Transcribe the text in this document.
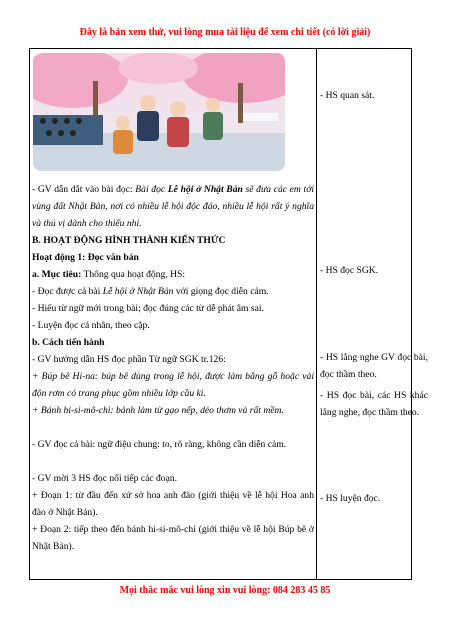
Đây là bản xem thử, vui lòng mua tài liệu để xem chi tiết (có lời giải)

- GV dẫn dắt vào bài đọc: Bài đọc Lễ hội ở Nhật Bản sẽ đưa các em tới vùng đất Nhật Bản, nơi có nhiều lễ hội độc đáo, nhiều lễ hội rất ý nghĩa và thú vị dành cho thiếu nhi.

B. HOẠT ĐỘNG HÌNH THÀNH KIẾN THỨC

Hoạt động 1: Đọc văn bản

a. Mục tiêu: Thông qua hoạt động, HS:

- Đọc được cả bài Lễ hội ở Nhật Bản với giọng đọc diễn cảm.

- Hiểu từ ngữ mới trong bài; đọc đúng các từ dễ phát âm sai.

- Luyện đọc cá nhân, theo cặp.

b. Cách tiến hành

- GV hướng dẫn HS đọc phần Từ ngữ SGK tr.126:

+ Búp bê Hi-na: búp bê dùng trong lễ hội, được làm bằng gỗ hoặc vải độn rơm có trang phục gồm nhiều lớp cầu kì.

+ Bánh hi-si-mô-chi: bánh làm từ gạo nếp, dẻo thơm và rất mềm.

- GV đọc cả bài: ngữ điệu chung: to, rõ ràng, không cần diễn cảm.

- GV mời 3 HS đọc nối tiếp các đoạn.

+ Đoạn 1: từ đầu đến xứ sở hoa anh đào (giới thiệu về lễ hội Hoa anh đào ở Nhật Bản).

+ Đoạn 2: tiếp theo đến bánh hi-si-mô-chi (giới thiệu về lễ hội Búp bê ở Nhật Bản).

- HS quan sát.

- HS đọc SGK.

- HS lắng nghe GV đọc bài, đọc thầm theo.

- HS đọc bài, các HS khác lắng nghe, đọc thầm theo.

- HS luyện đọc.

Mọi thắc mắc vui lòng xin vui lòng: 084 283 45 85
